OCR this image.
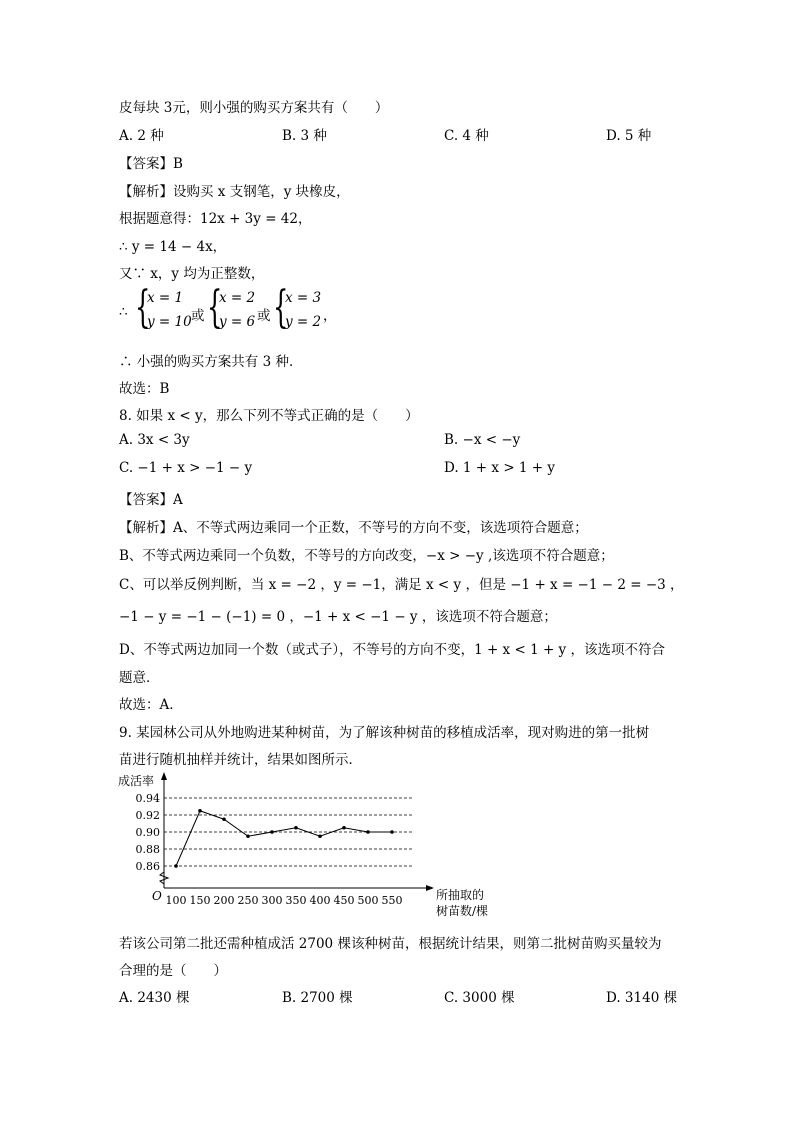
皮每块 3元，则小强的购买方案共有（　　）
A. 2 种	B. 3 种	C. 4 种	D. 5 种
【答案】B
【解析】设购买 x 支钢笔，y 块橡皮，
根据题意得：12x + 3y = 42，
∴ y = 14 − 4x，
又∵ x，y 均为正整数，
∴ {
x = 1
y = 10 或 {
x = 2
y = 6 或 {
x = 3
y = 2 ，
∴ 小强的购买方案共有 3 种．
故选：B
8. 如果 x < y，那么下列不等式正确的是（　　）
A. 3x < 3y	B. −x < −y
C. −1 + x > −1 − y	D. 1 + x > 1 + y
【答案】A
【解析】A、不等式两边乘同一个正数，不等号的方向不变，该选项符合题意；
B、不等式两边乘同一个负数，不等号的方向改变，−x > −y ,该选项不符合题意；
C、可以举反例判断，当 x = −2 ，y = −1，满足 x < y ，但是 −1 + x = −1 − 2 = −3 ，
−1 − y = −1 − (−1) = 0 ，−1 + x < −1 − y ，该选项不符合题意；
D、不等式两边加同一个数（或式子），不等号的方向不变，1 + x < 1 + y ，该选项不符合
题意．
故选：A．
9. 某园林公司从外地购进某种树苗，为了解该种树苗的移植成活率，现对购进的第一批树
苗进行随机抽样并统计，结果如图所示．
成活率
O	所抽取的
树苗数/棵
0.86
0.88
0.90
0.92
0.94
100 150 200 250 300 350 400 450 500 550
若该公司第二批还需种植成活 2700 棵该种树苗，根据统计结果，则第二批树苗购买量较为
合理的是（　　）
A. 2430 棵	B. 2700 棵	C. 3000 棵	D. 3140 棵
